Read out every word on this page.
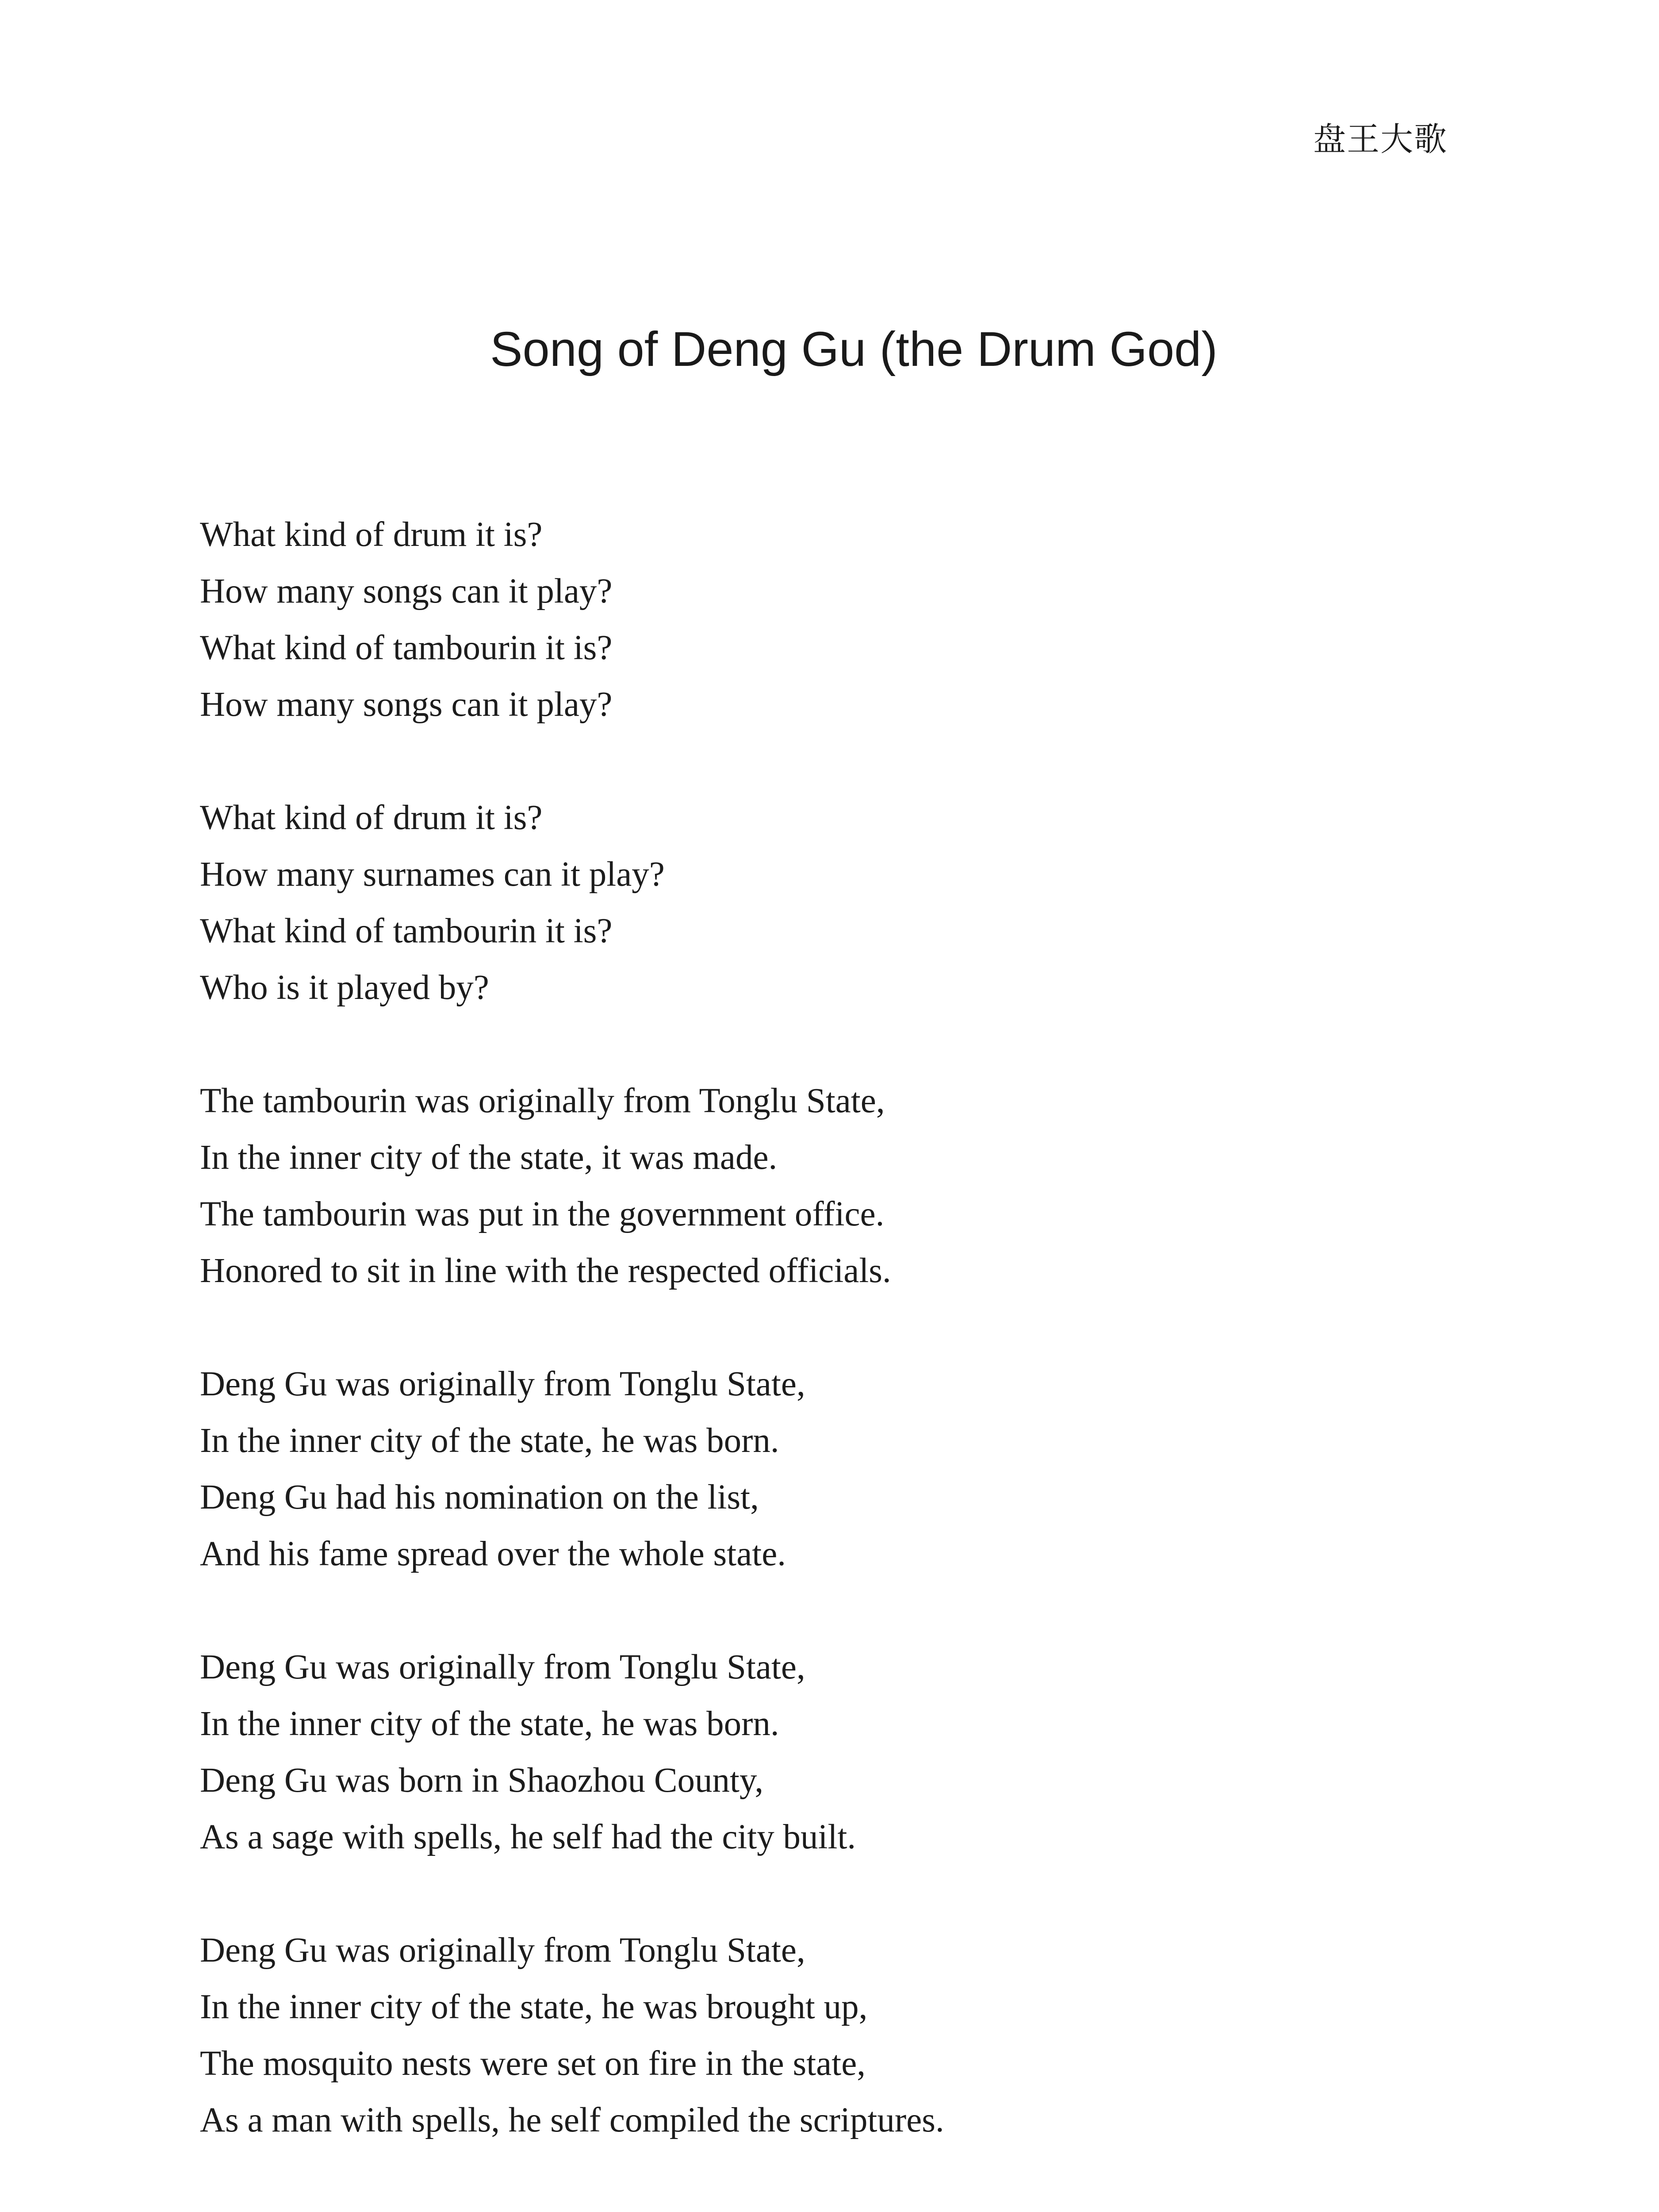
盘王大歌
Song of Deng Gu (the Drum God)
What kind of drum it is?
How many songs can it play?
What kind of tambourin it is?
How many songs can it play?
What kind of drum it is?
How many surnames can it play?
What kind of tambourin it is?
Who is it played by?
The tambourin was originally from Tonglu State,
In the inner city of the state, it was made.
The tambourin was put in the government office.
Honored to sit in line with the respected officials.
Deng Gu was originally from Tonglu State,
In the inner city of the state, he was born.
Deng Gu had his nomination on the list,
And his fame spread over the whole state.
Deng Gu was originally from Tonglu State,
In the inner city of the state, he was born.
Deng Gu was born in Shaozhou County,
As a sage with spells, he self had the city built.
Deng Gu was originally from Tonglu State,
In the inner city of the state, he was brought up,
The mosquito nests were set on fire in the state,
As a man with spells, he self compiled the scriptures.
